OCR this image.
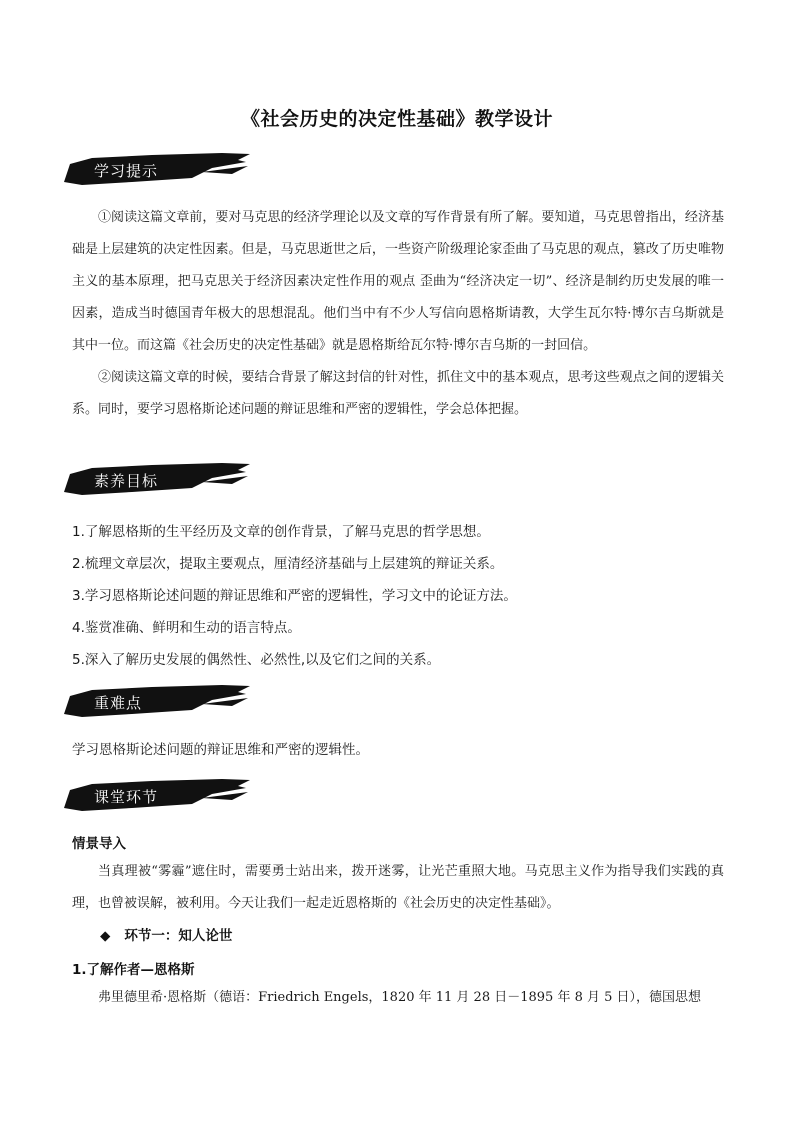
《社会历史的决定性基础》教学设计
学习提示

①阅读这篇文章前，要对马克思的经济学理论以及文章的写作背景有所了解。要知道，马克思曾指出，经济基础是上层建筑的决定性因素。但是，马克思逝世之后，一些资产阶级理论家歪曲了马克思的观点，篡改了历史唯物主义的基本原理，把马克思关于经济因素决定性作用的观点 歪曲为“经济决定一切”、经济是制约历史发展的唯一因素，造成当时德国青年极大的思想混乱。他们当中有不少人写信向恩格斯请教，大学生瓦尔特·博尔吉乌斯就是其中一位。而这篇《社会历史的决定性基础》就是恩格斯给瓦尔特·博尔吉乌斯的一封回信。

②阅读这篇文章的时候，要结合背景了解这封信的针对性，抓住文中的基本观点，思考这些观点之间的逻辑关系。同时，要学习恩格斯论述问题的辩证思维和严密的逻辑性，学会总体把握。

素养目标
1.了解恩格斯的生平经历及文章的创作背景，了解马克思的哲学思想。
2.梳理文章层次，提取主要观点，厘清经济基础与上层建筑的辩证关系。
3.学习恩格斯论述问题的辩证思维和严密的逻辑性，学习文中的论证方法。
4.鉴赏准确、鲜明和生动的语言特点。
5.深入了解历史发展的偶然性、必然性,以及它们之间的关系。
重难点
学习恩格斯论述问题的辩证思维和严密的逻辑性。
课堂环节
情景导入

当真理被“雾霾”遮住时，需要勇士站出来，拨开迷雾，让光芒重照大地。马克思主义作为指导我们实践的真理，也曾被误解，被利用。今天让我们一起走近恩格斯的《社会历史的决定性基础》。

◆ 环节一：知人论世
1.了解作者—恩格斯

弗里德里希·恩格斯（德语：Friedrich Engels，1820 年 11 月 28 日－1895 年 8 月 5 日），德国思想
